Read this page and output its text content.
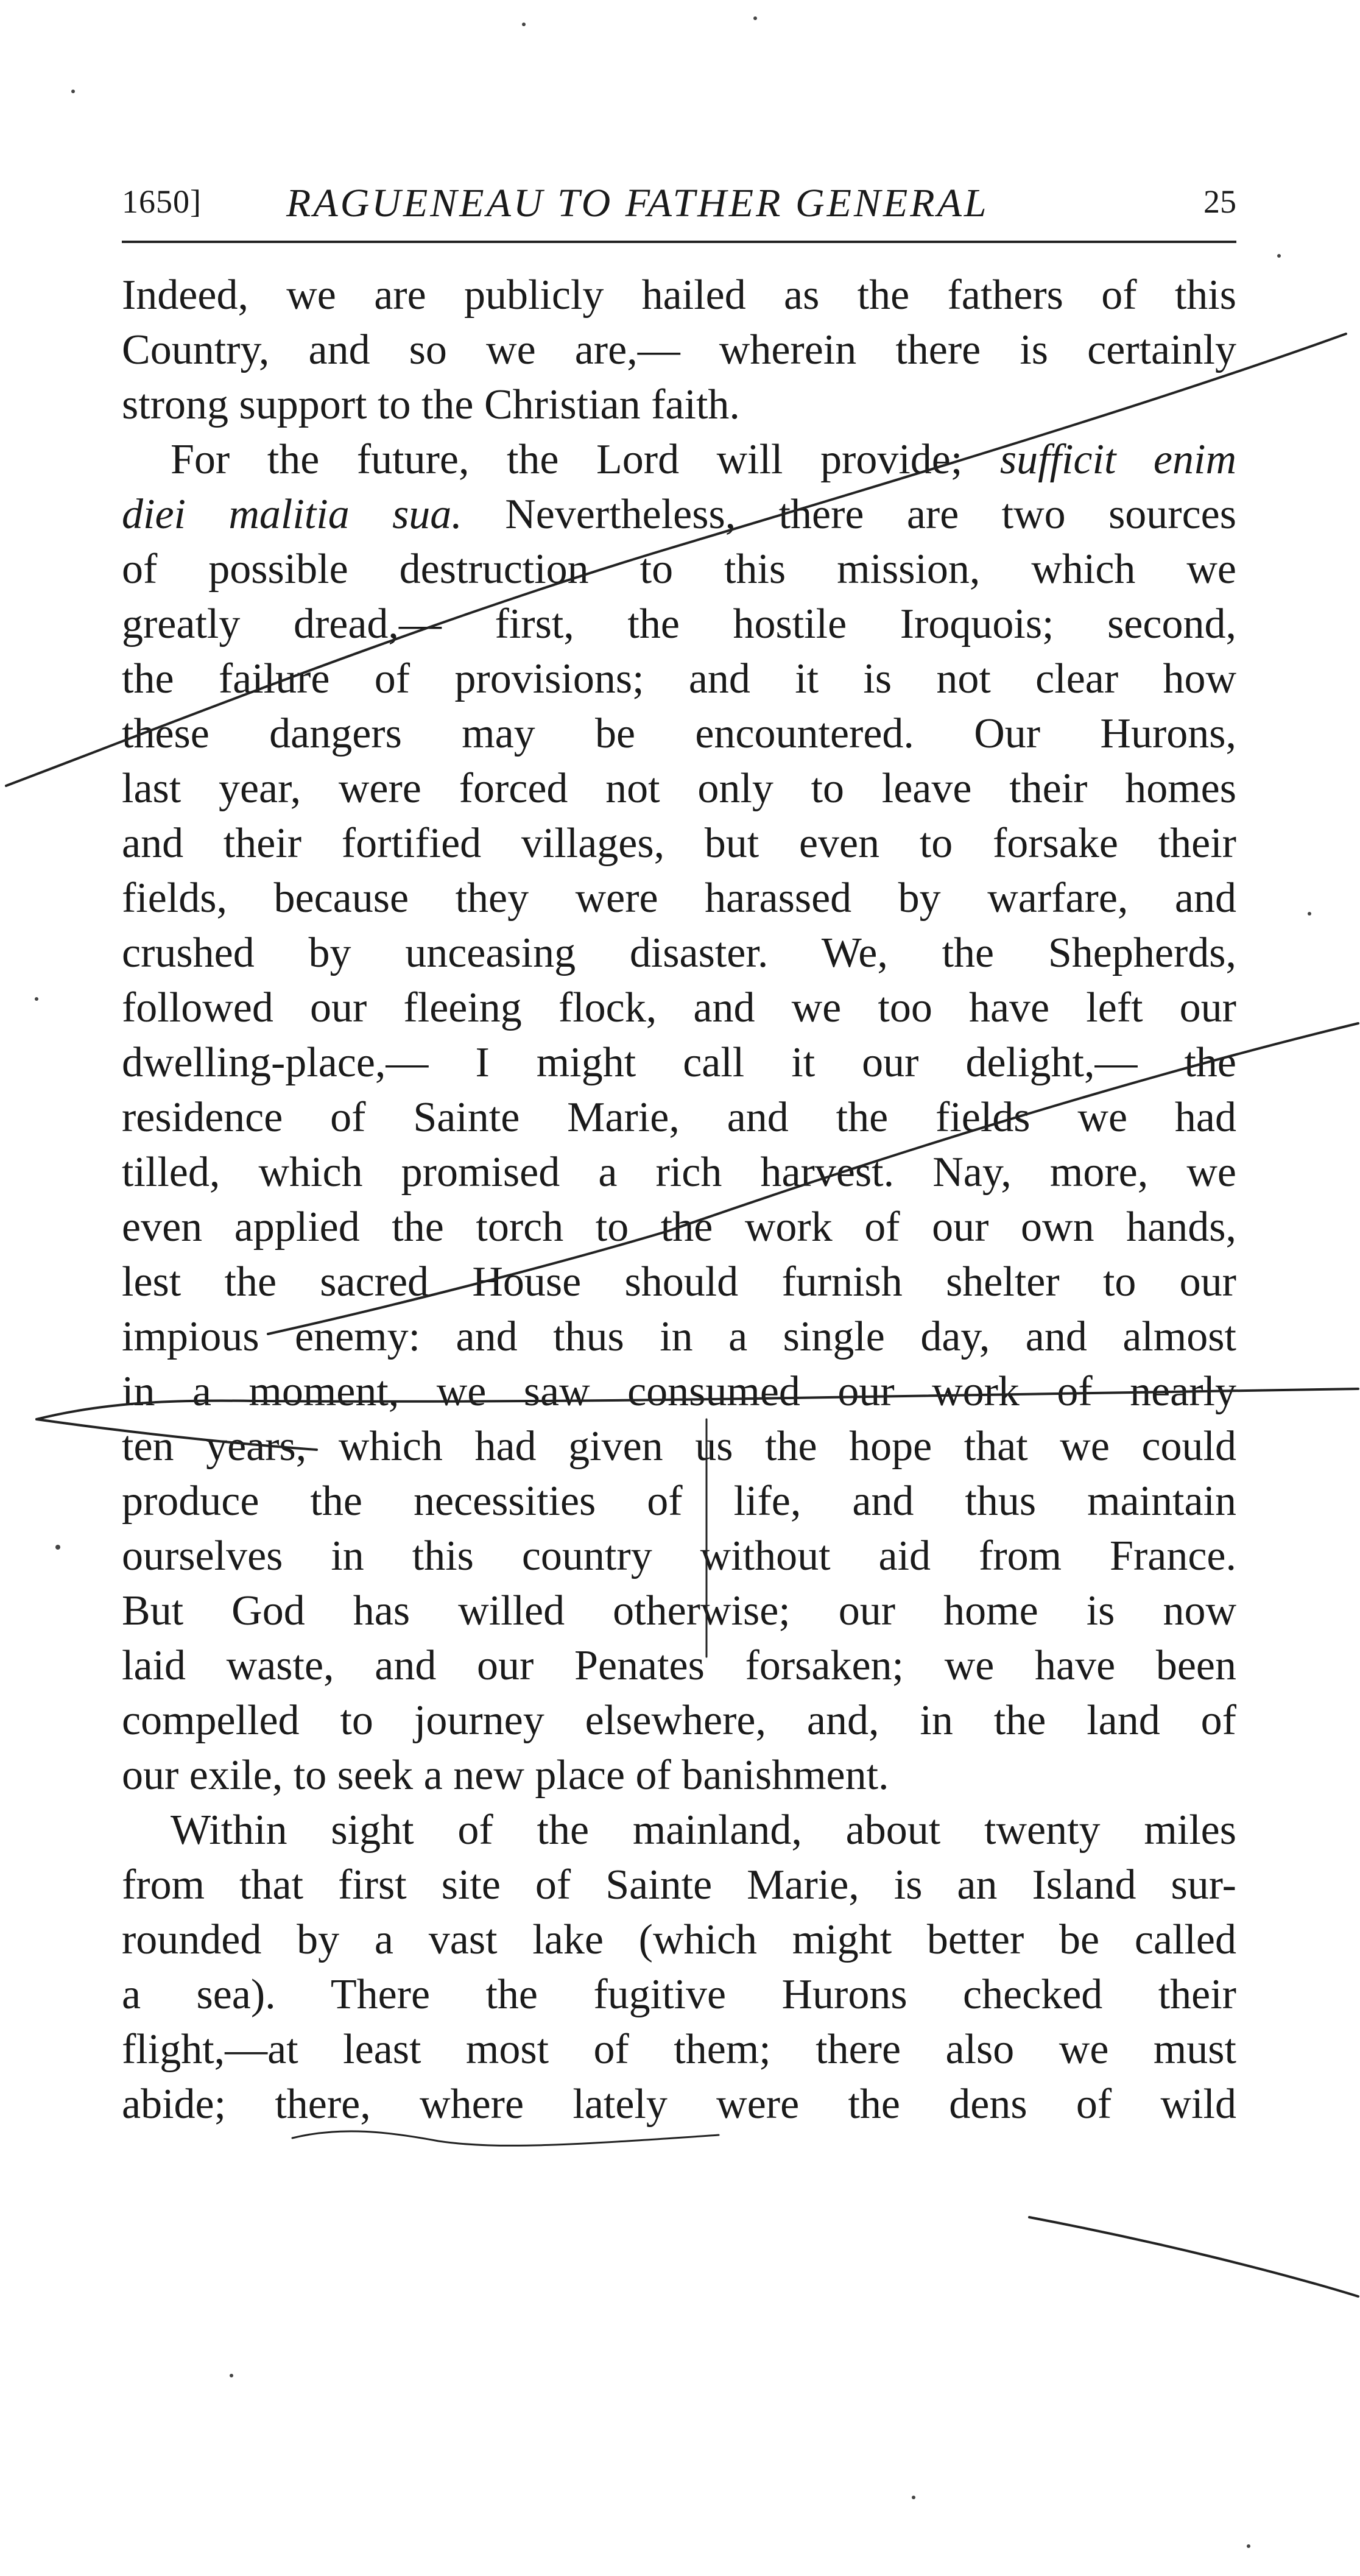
1650] RAGUENEAU TO FATHER GENERAL	25
Indeed, we are publicly hailed as the fathers of this
Country, and so we are,— wherein there is certainly
strong support to the Christian faith.
For the future, the Lord will provide; sufficit enim
diei malitia sua. Nevertheless, there are two sources
of possible destruction to this mission, which we
greatly dread,— first, the hostile Iroquois; second,
the failure of provisions; and it is not clear how
these dangers may be encountered. Our Hurons,
last year, were forced not only to leave their homes
and their fortified villages, but even to forsake their
fields, because they were harassed by warfare, and
crushed by unceasing disaster. We, the Shepherds,
followed our fleeing flock, and we too have left our
dwelling-place,— I might call it our delight,— the
residence of Sainte Marie, and the fields we had
tilled, which promised a rich harvest. Nay, more, we
even applied the torch to the work of our own hands,
lest the sacred House should furnish shelter to our
impious enemy: and thus in a single day, and almost
in a moment, we saw consumed our work of nearly
ten years, which had given us the hope that we could
produce the necessities of life, and thus maintain
ourselves in this country without aid from France.
But God has willed otherwise; our home is now
laid waste, and our Penates forsaken; we have been
compelled to journey elsewhere, and, in the land of
our exile, to seek a new place of banishment.
Within sight of the mainland, about twenty miles
from that first site of Sainte Marie, is an Island sur-
rounded by a vast lake (which might better be called
a sea). There the fugitive Hurons checked their
flight,—at least most of them; there also we must
abide; there, where lately were the dens of wild
